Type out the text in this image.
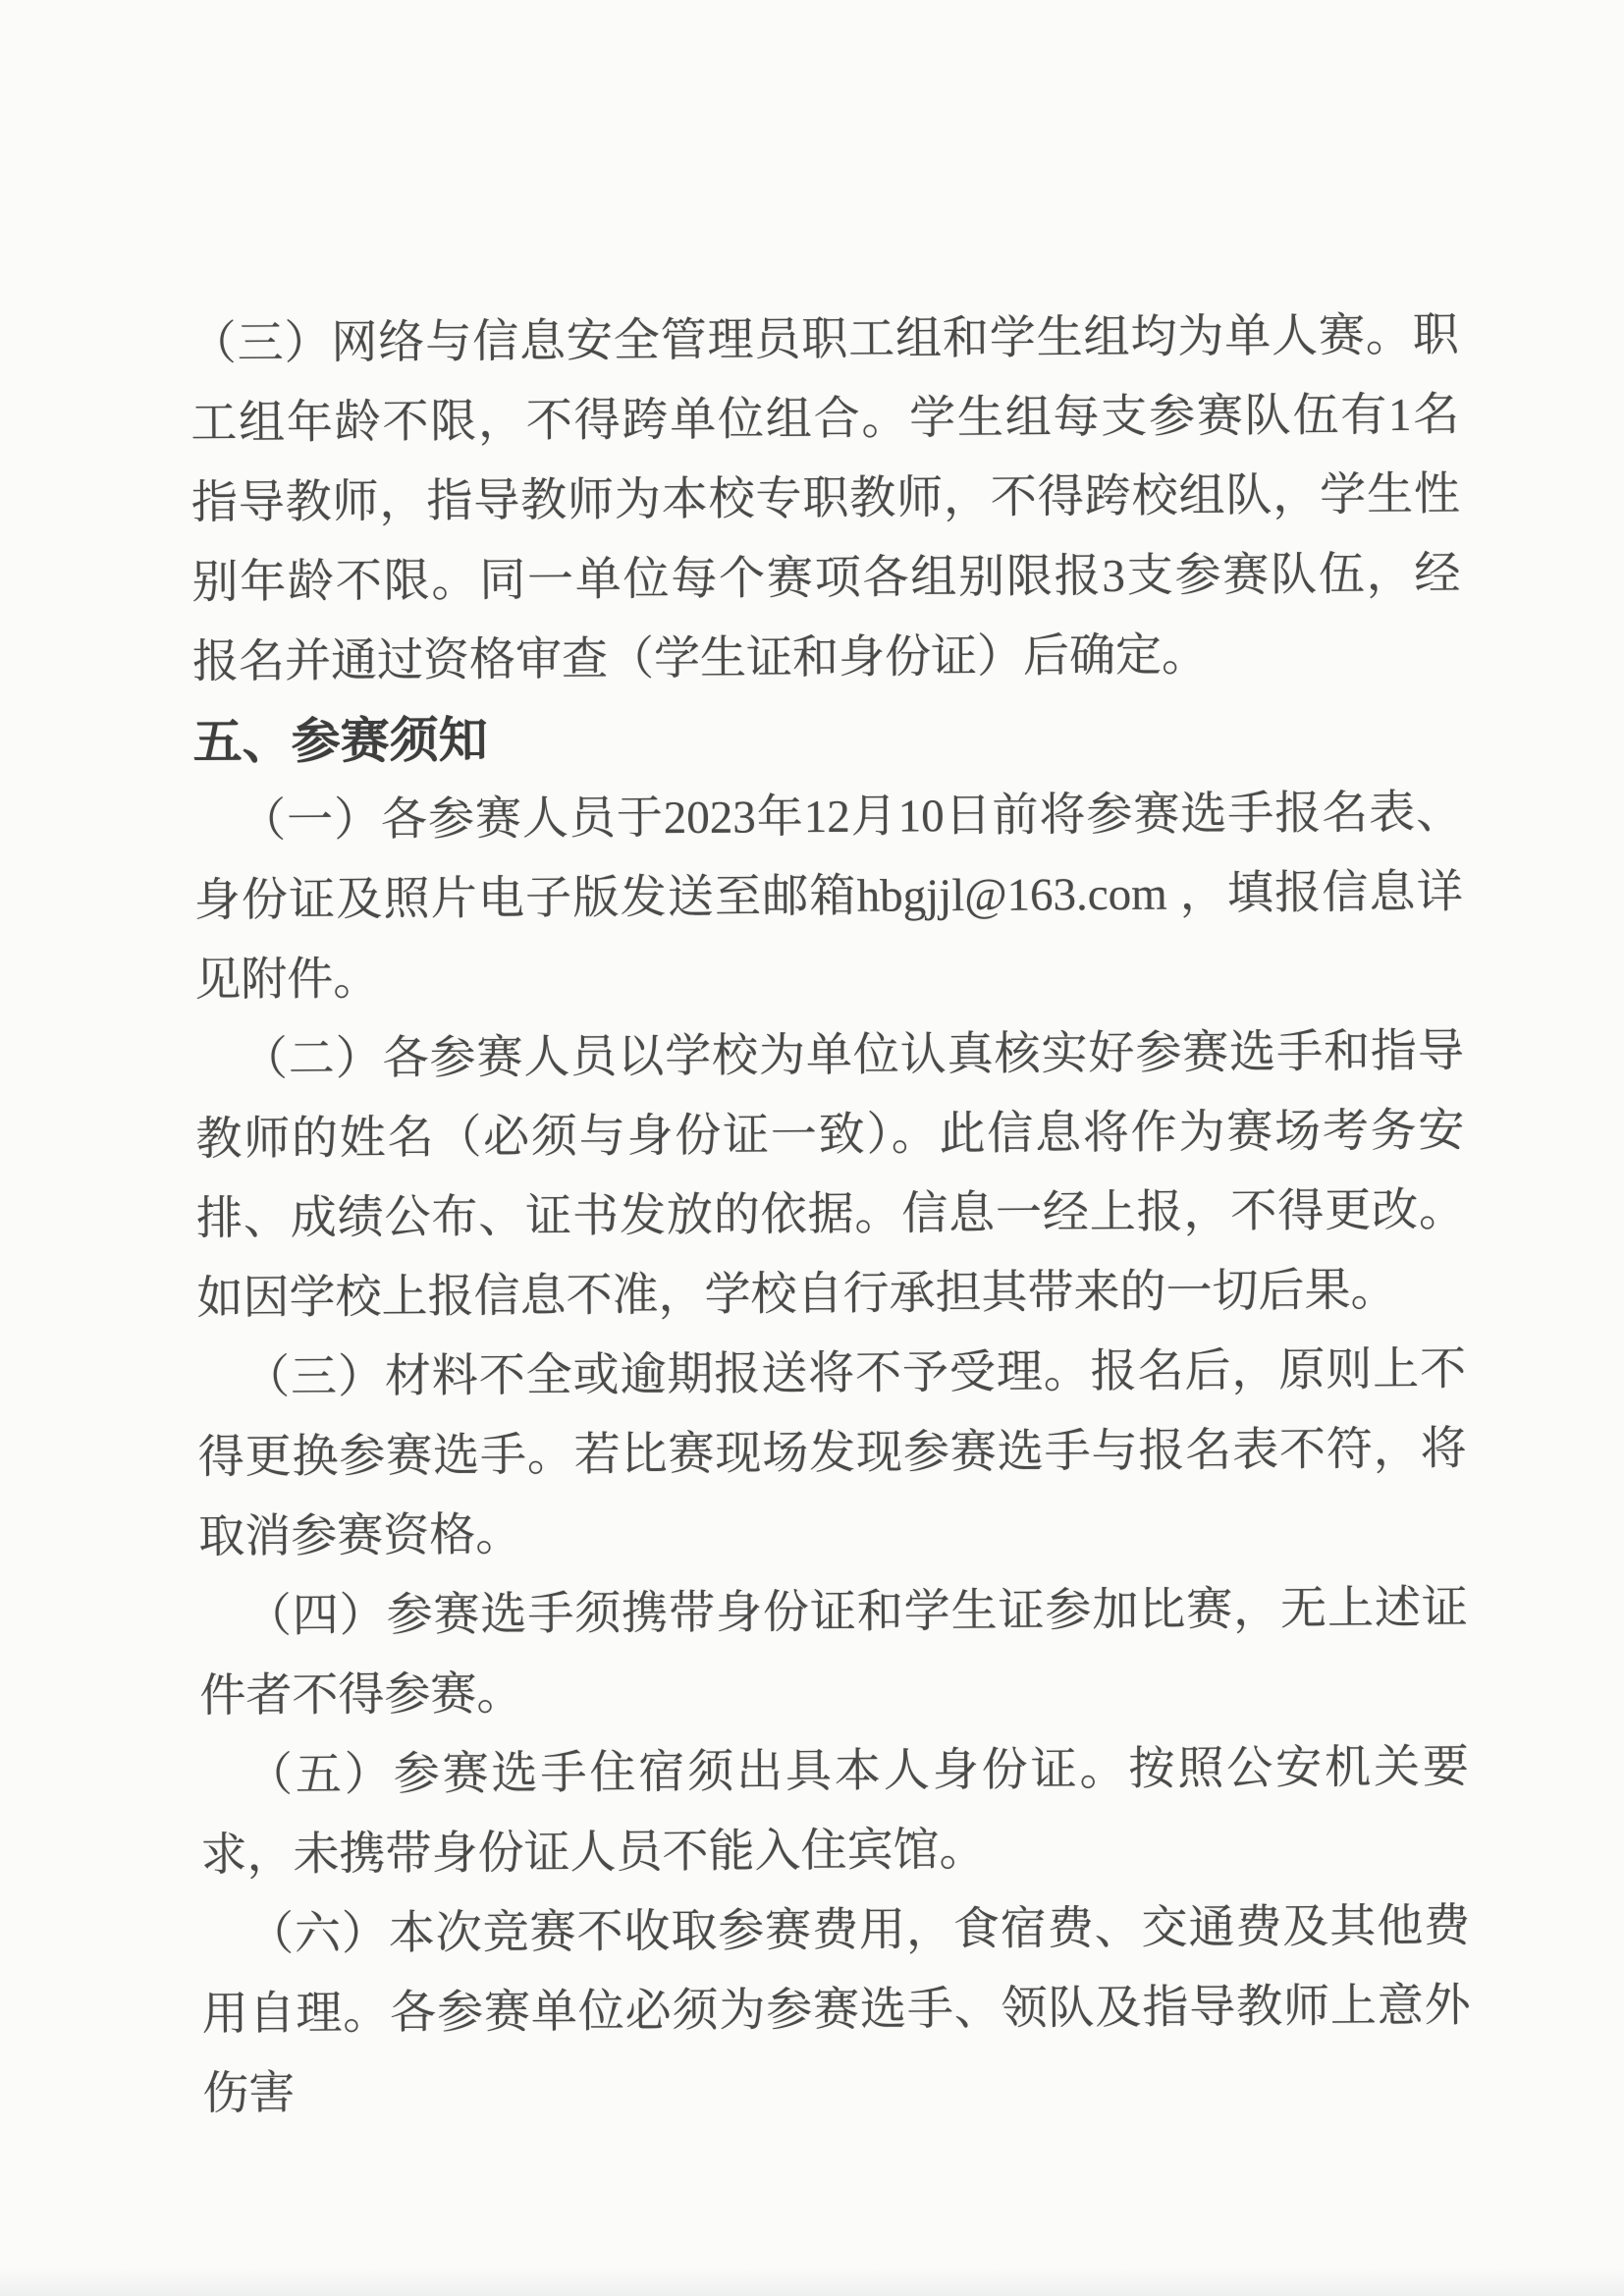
（三）网络与信息安全管理员职工组和学生组均为单人赛。职工组年龄不限，不得跨单位组合。学生组每支参赛队伍有1名指导教师，指导教师为本校专职教师，不得跨校组队，学生性别年龄不限。同一单位每个赛项各组别限报3支参赛队伍，经报名并通过资格审查（学生证和身份证）后确定。

五、参赛须知

（一）各参赛人员于2023年12月10日前将参赛选手报名表、身份证及照片电子版发送至邮箱hbgjjl@163.com ，填报信息详见附件。

（二）各参赛人员以学校为单位认真核实好参赛选手和指导教师的姓名（必须与身份证一致）。此信息将作为赛场考务安排、成绩公布、证书发放的依据。信息一经上报，不得更改。如因学校上报信息不准，学校自行承担其带来的一切后果。

（三）材料不全或逾期报送将不予受理。报名后，原则上不得更换参赛选手。若比赛现场发现参赛选手与报名表不符，将取消参赛资格。

（四）参赛选手须携带身份证和学生证参加比赛，无上述证件者不得参赛。

（五）参赛选手住宿须出具本人身份证。按照公安机关要求，未携带身份证人员不能入住宾馆。

（六）本次竞赛不收取参赛费用，食宿费、交通费及其他费用自理。各参赛单位必须为参赛选手、领队及指导教师上意外伤害
